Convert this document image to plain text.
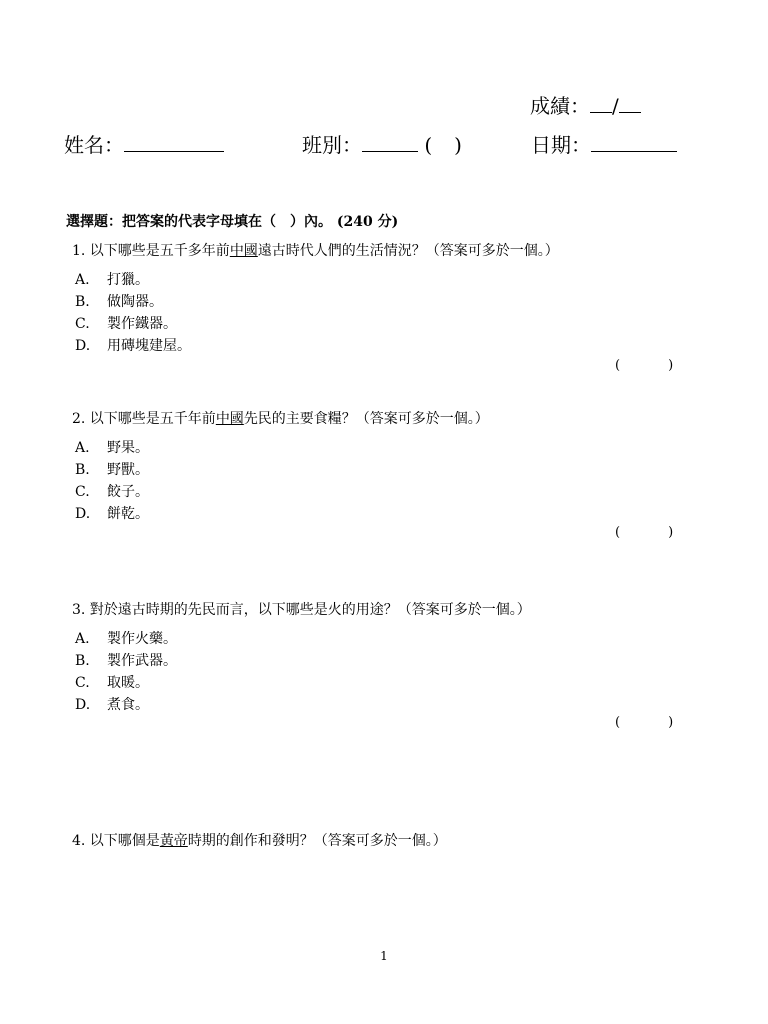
成績： /
姓名：	班別：	( )	日期：
選擇題：把答案的代表字母填在（　）內。 (240 分)
1. 以下哪些是五千多年前中國遠古時代人們的生活情況？（答案可多於一個。）
A. 打獵。
B. 做陶器。
C. 製作鐵器。
D. 用磚塊建屋。
(	)
2. 以下哪些是五千年前中國先民的主要食糧？（答案可多於一個。）
A. 野果。
B. 野獸。
C. 餃子。
D. 餅乾。
(	)
3. 對於遠古時期的先民而言，以下哪些是火的用途？（答案可多於一個。）
A. 製作火藥。
B. 製作武器。
C. 取暖。
D. 煮食。
(	)
4. 以下哪個是黃帝時期的創作和發明？（答案可多於一個。）
1
